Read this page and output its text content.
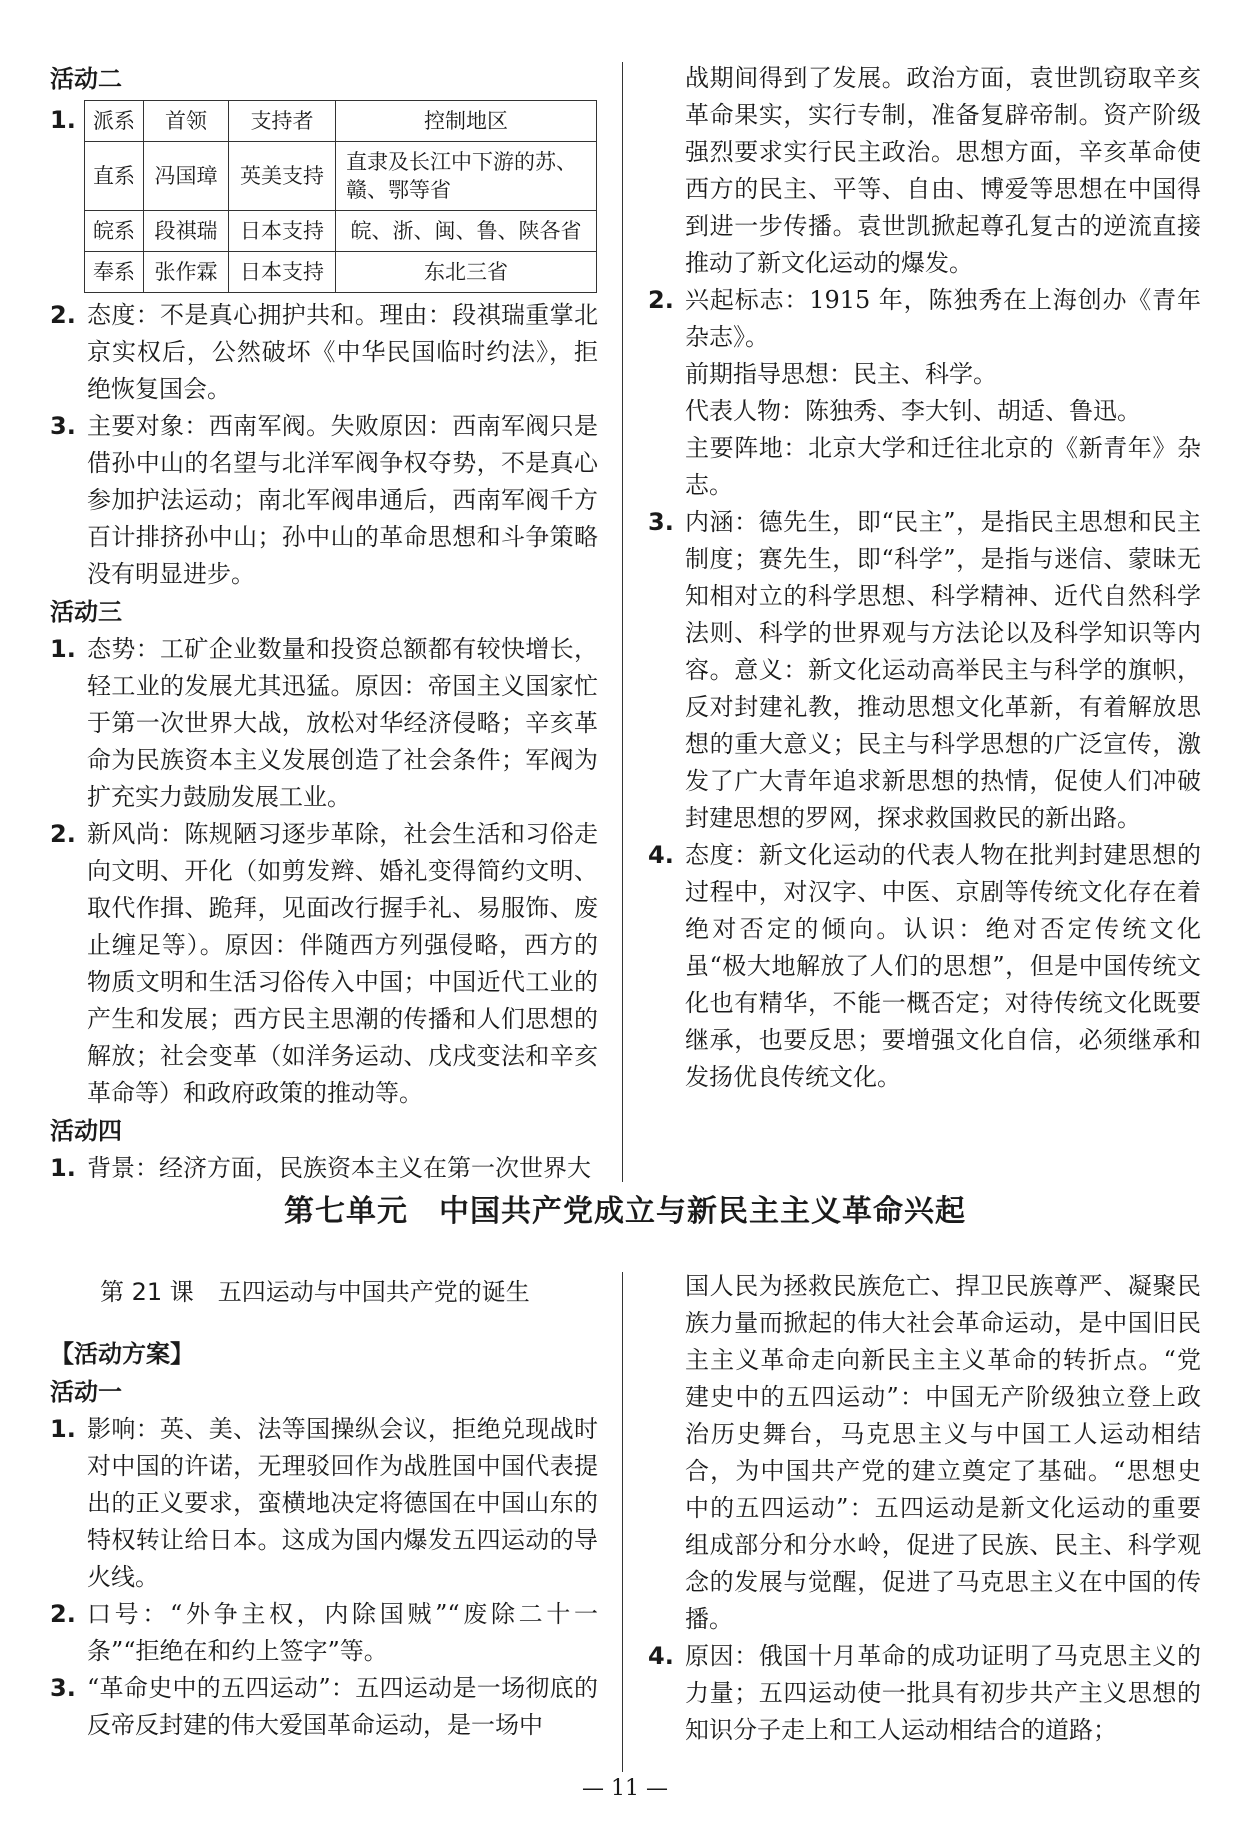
活动二
1. 派系	首领	支持者	控制地区
直系	冯国璋	英美支持	直隶及长江中下游的苏、赣、鄂等省
皖系	段祺瑞	日本支持	皖、浙、闽、鲁、陕各省
奉系	张作霖	日本支持	东北三省
2. 态度：不是真心拥护共和。理由：段祺瑞重掌北京实权后，公然破坏《中华民国临时约法》，拒绝恢复国会。
3. 主要对象：西南军阀。失败原因：西南军阀只是借孙中山的名望与北洋军阀争权夺势，不是真心参加护法运动；南北军阀串通后，西南军阀千方百计排挤孙中山；孙中山的革命思想和斗争策略没有明显进步。
活动三
1. 态势：工矿企业数量和投资总额都有较快增长，轻工业的发展尤其迅猛。原因：帝国主义国家忙于第一次世界大战，放松对华经济侵略；辛亥革命为民族资本主义发展创造了社会条件；军阀为扩充实力鼓励发展工业。
2. 新风尚：陈规陋习逐步革除，社会生活和习俗走向文明、开化（如剪发辫、婚礼变得简约文明、取代作揖、跪拜，见面改行握手礼、易服饰、废止缠足等）。原因：伴随西方列强侵略，西方的物质文明和生活习俗传入中国；中国近代工业的产生和发展；西方民主思潮的传播和人们思想的解放；社会变革（如洋务运动、戊戌变法和辛亥革命等）和政府政策的推动等。
活动四
1. 背景：经济方面，民族资本主义在第一次世界大
战期间得到了发展。政治方面，袁世凯窃取辛亥革命果实，实行专制，准备复辟帝制。资产阶级强烈要求实行民主政治。思想方面，辛亥革命使西方的民主、平等、自由、博爱等思想在中国得到进一步传播。袁世凯掀起尊孔复古的逆流直接推动了新文化运动的爆发。
2. 兴起标志：1915 年，陈独秀在上海创办《青年杂志》。
前期指导思想：民主、科学。
代表人物：陈独秀、李大钊、胡适、鲁迅。
主要阵地：北京大学和迁往北京的《新青年》杂志。
3. 内涵：德先生，即“民主”，是指民主思想和民主制度；赛先生，即“科学”，是指与迷信、蒙昧无知相对立的科学思想、科学精神、近代自然科学法则、科学的世界观与方法论以及科学知识等内容。意义：新文化运动高举民主与科学的旗帜，反对封建礼教，推动思想文化革新，有着解放思想的重大意义；民主与科学思想的广泛宣传，激发了广大青年追求新思想的热情，促使人们冲破封建思想的罗网，探求救国救民的新出路。
4. 态度：新文化运动的代表人物在批判封建思想的过程中，对汉字、中医、京剧等传统文化存在着绝对否定的倾向。认识：绝对否定传统文化虽“极大地解放了人们的思想”，但是中国传统文化也有精华，不能一概否定；对待传统文化既要继承，也要反思；要增强文化自信，必须继承和发扬优良传统文化。
第七单元　中国共产党成立与新民主主义革命兴起
第 21 课　五四运动与中国共产党的诞生
【活动方案】
活动一
1. 影响：英、美、法等国操纵会议，拒绝兑现战时对中国的许诺，无理驳回作为战胜国中国代表提出的正义要求，蛮横地决定将德国在中国山东的特权转让给日本。这成为国内爆发五四运动的导火线。
2. 口号：“外争主权，内除国贼”“废除二十一条”“拒绝在和约上签字”等。
3. “革命史中的五四运动”：五四运动是一场彻底的反帝反封建的伟大爱国革命运动，是一场中
国人民为拯救民族危亡、捍卫民族尊严、凝聚民族力量而掀起的伟大社会革命运动，是中国旧民主主义革命走向新民主主义革命的转折点。“党建史中的五四运动”：中国无产阶级独立登上政治历史舞台，马克思主义与中国工人运动相结合，为中国共产党的建立奠定了基础。“思想史中的五四运动”：五四运动是新文化运动的重要组成部分和分水岭，促进了民族、民主、科学观念的发展与觉醒，促进了马克思主义在中国的传播。
4. 原因：俄国十月革命的成功证明了马克思主义的力量；五四运动使一批具有初步共产主义思想的知识分子走上和工人运动相结合的道路；
— 11 —
